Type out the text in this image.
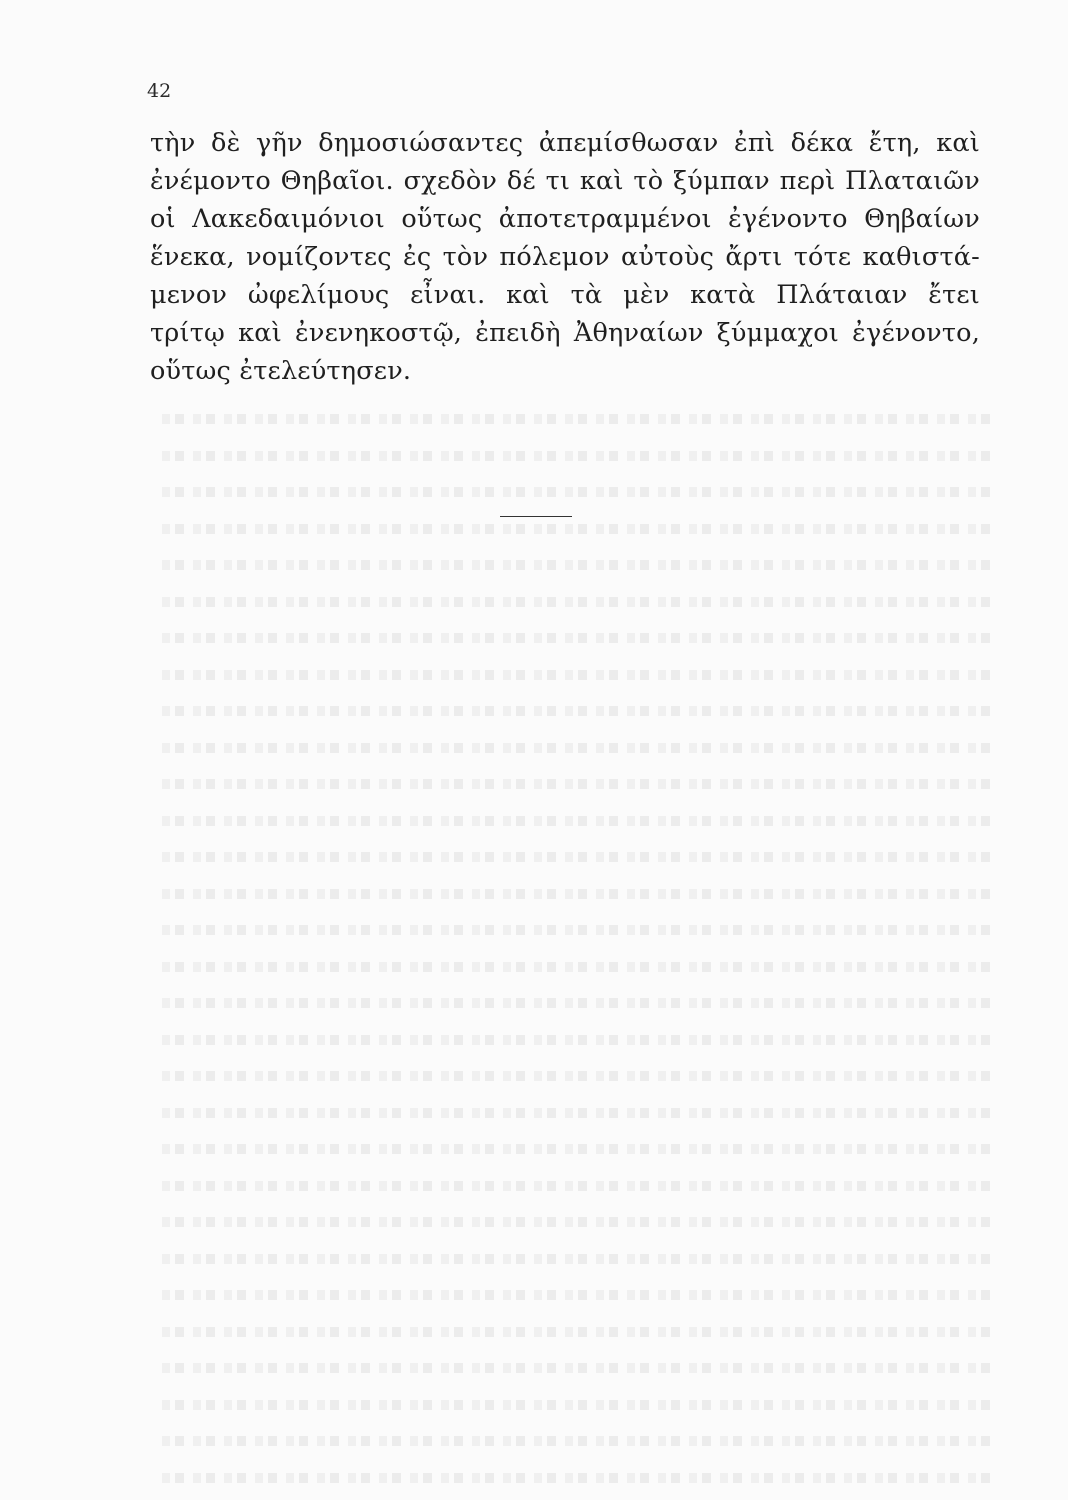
42
τὴν δὲ γῆν δημοσιώσαντες ἀπεμίσθωσαν ἐπὶ δέκα ἔτη, καὶ
ἐνέμοντο Θηβαῖοι. σχεδὸν δέ τι καὶ τὸ ξύμπαν περὶ Πλαταιῶν
οἱ Λακεδαιμόνιοι οὕτως ἀποτετραμμένοι ἐγένοντο Θηβαίων
ἕνεκα, νομίζοντες ἐς τὸν πόλεμον αὐτοὺς ἄρτι τότε καθιστά-
μενον ὠφελίμους εἶναι. καὶ τὰ μὲν κατὰ Πλάταιαν ἔτει
τρίτῳ καὶ ἐνενηκοστῷ, ἐπειδὴ Ἀθηναίων ξύμμαχοι ἐγένοντο,
οὕτως ἐτελεύτησεν.
